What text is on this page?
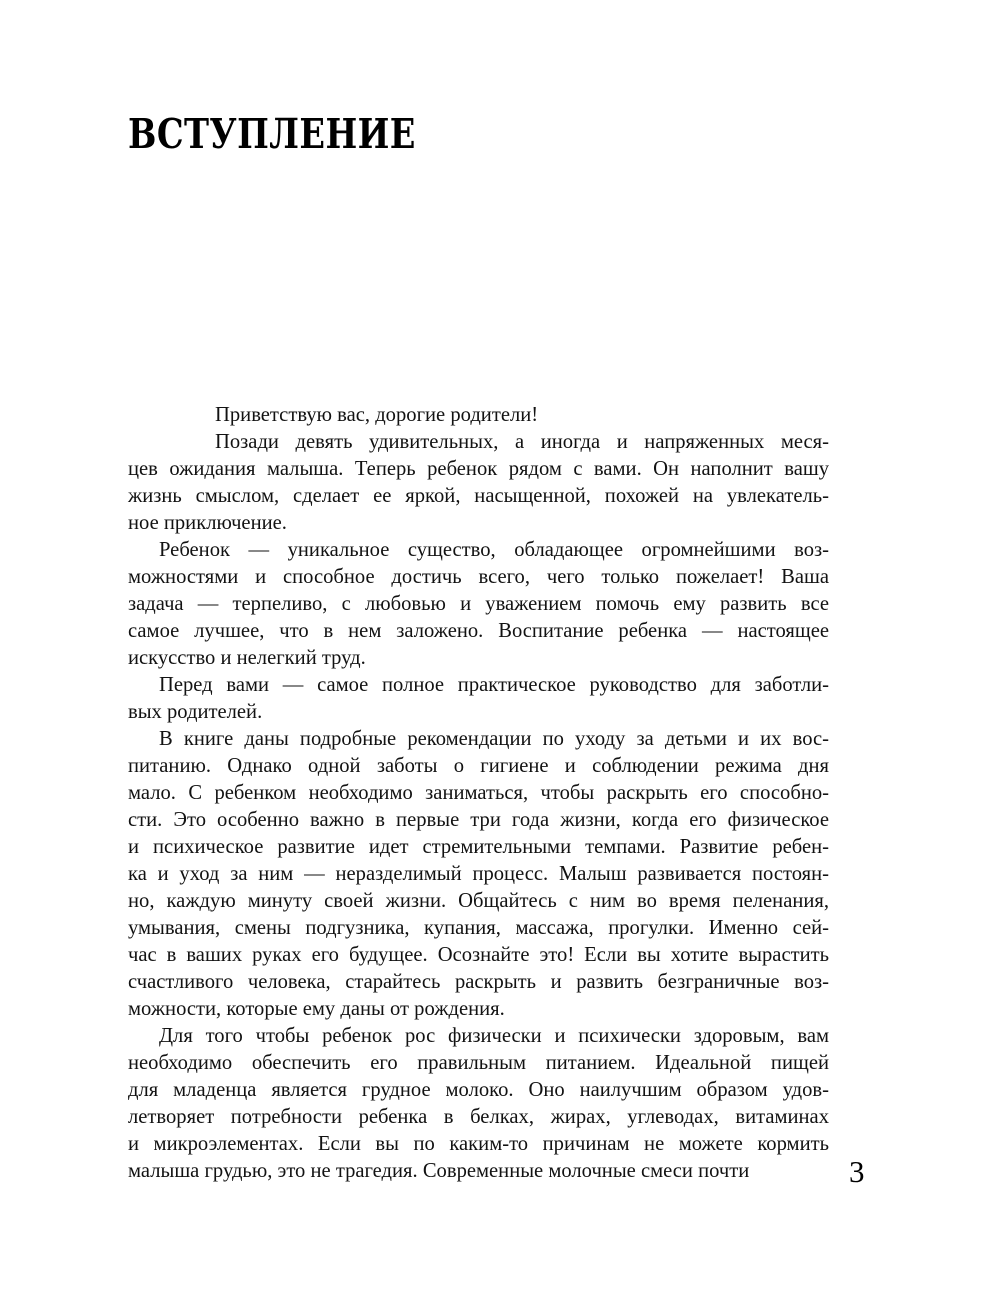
ВСТУПЛЕНИЕ
Приветствую вас, дорогие родители!
Позади девять удивительных, а иногда и напряженных меся-
цев ожидания малыша. Теперь ребенок рядом с вами. Он наполнит вашу
жизнь смыслом, сделает ее яркой, насыщенной, похожей на увлекатель-
ное приключение.
Ребенок — уникальное существо, обладающее огромнейшими воз-
можностями и способное достичь всего, чего только пожелает! Ваша
задача — терпеливо, с любовью и уважением помочь ему развить все
самое лучшее, что в нем заложено. Воспитание ребенка — настоящее
искусство и нелегкий труд.
Перед вами — самое полное практическое руководство для заботли-
вых родителей.
В книге даны подробные рекомендации по уходу за детьми и их вос-
питанию. Однако одной заботы о гигиене и соблюдении режима дня
мало. С ребенком необходимо заниматься, чтобы раскрыть его способно-
сти. Это особенно важно в первые три года жизни, когда его физическое
и психическое развитие идет стремительными темпами. Развитие ребен-
ка и уход за ним — неразделимый процесс. Малыш развивается постоян-
но, каждую минуту своей жизни. Общайтесь с ним во время пеленания,
умывания, смены подгузника, купания, массажа, прогулки. Именно сей-
час в ваших руках его будущее. Осознайте это! Если вы хотите вырастить
счастливого человека, старайтесь раскрыть и развить безграничные воз-
можности, которые ему даны от рождения.
Для того чтобы ребенок рос физически и психически здоровым, вам
необходимо обеспечить его правильным питанием. Идеальной пищей
для младенца является грудное молоко. Оно наилучшим образом удов-
летворяет потребности ребенка в белках, жирах, углеводах, витаминах
и микроэлементах. Если вы по каким-то причинам не можете кормить
малыша грудью, это не трагедия. Современные молочные смеси почти	3
